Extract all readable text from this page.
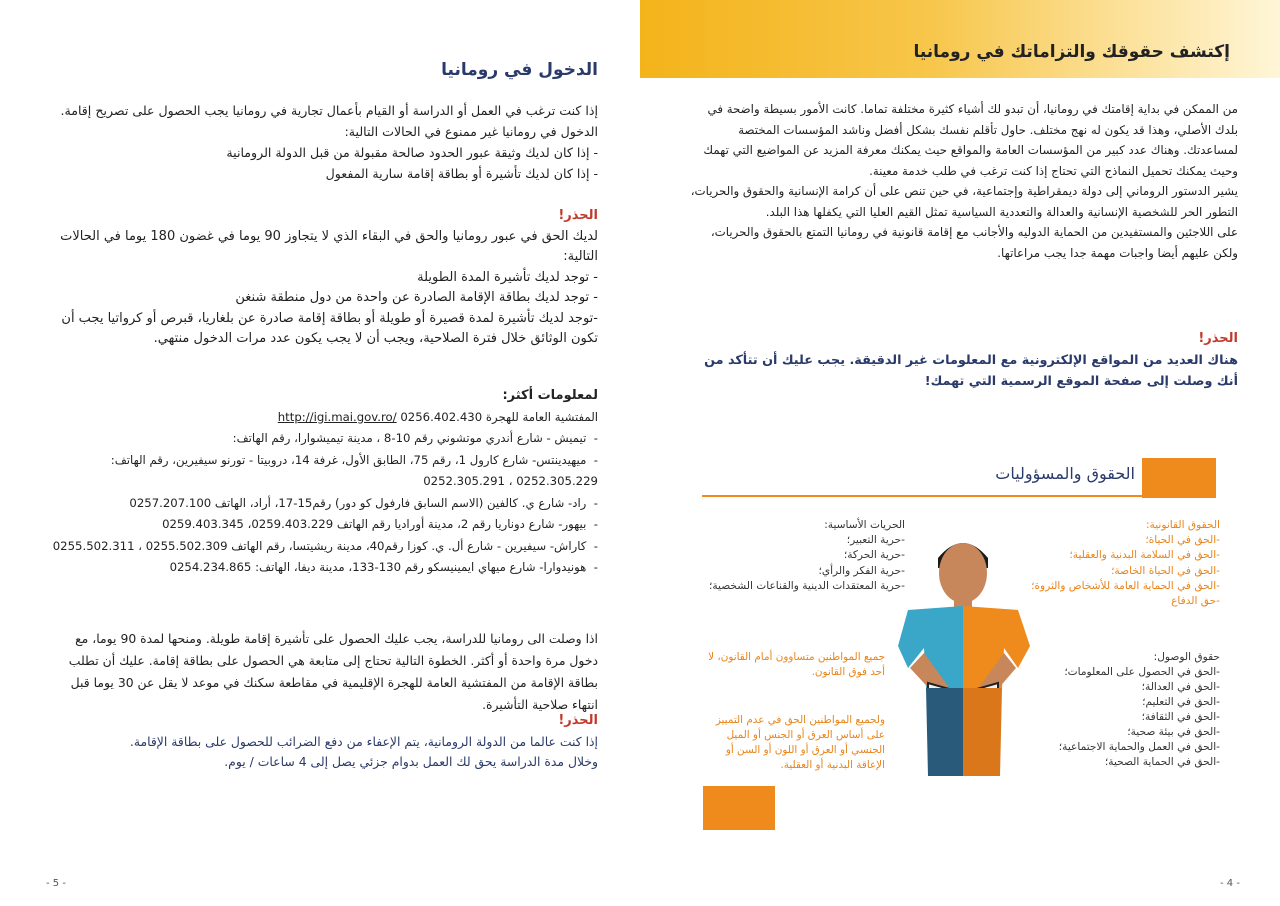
الدخول في رومانيا

إذا كنت ترغب في العمل أو الدراسة أو القيام بأعمال تجارية في رومانيا يجب الحصول على تصريح إقامة. الدخول في رومانيا غير ممنوع في الحالات التالية:

- إذا كان لديك وثيقة عبور الحدود صالحة مقبولة من قبل الدولة الرومانية

- إذا كان لديك تأشيرة أو بطاقة إقامة سارية المفعول

الحذر!

لديك الحق في عبور رومانيا والحق في البقاء الذي لا يتجاوز 90 يوما في غضون 180 يوما في الحالات التالية:

- توجد لديك تأشيرة المدة الطويلة

- توجد لديك بطاقة الإقامة الصادرة عن واحدة من دول منطقة شنغن

-توجد لديك تأشيرة لمدة قصيرة أو طويلة أو بطاقة إقامة صادرة عن بلغاريا، قبرص أو كرواتيا يجب أن تكون الوثائق خلال فترة الصلاحية، ويجب أن لا يجب يكون عدد مرات الدخول منتهي.

لمعلومات أكثر:
المفتشية العامة للهجرة http://igi.mai.gov.ro/ 0256.402.430
-  تيميش - شارع أندري موتشوني رقم 10-8 ، مدينة تيميشوارا، رقم الهاتف:
-  ميهيدينتس- شارع كارول 1، رقم 75، الطابق الأول، غرفة 14، دروبيتا - تورنو سيفيرين، رقم الهاتف: 0252.305.229 ، 0252.305.291
-  راد- شارع ي. كالفين (الاسم السابق فارفول كو دور) رقم15-17، أراد، الهاتف 0257.207.100
-  بيهور- شارع دوناريا رقم 2، مدينة أوراديا رقم الهاتف 0259.403.229، 0259.403.345
-  كاراش- سيفيرين - شارع أل. ي. كوزا رقم40، مدينة ريشيتسا، رقم الهاتف 0255.502.309 ، 0255.502.311
-  هونيدوارا- شارع ميهاي ايمينيسكو رقم 130-133، مدينة ديفا، الهاتف: 0254.234.865
اذا وصلت الى رومانيا للدراسة، يجب عليك الحصول على تأشيرة إقامة طويلة. ومنحها لمدة 90 يوما، مع دخول مرة واحدة أو أكثر. الخطوة التالية تحتاج إلى متابعة هي الحصول على بطاقة إقامة. عليك أن تطلب بطاقة الإقامة من المفتشية العامة للهجرة الإقليمية في مقاطعة سكنك في موعد لا يقل عن 30 يوما قبل انتهاء صلاحية التأشيرة.

الحذر!

إذا كنت عالما من الدولة الرومانية، يتم الإعفاء من دفع الضرائب للحصول على بطاقة الإقامة.

وخلال مدة الدراسة يحق لك العمل بدوام جزئي يصل إلى 4 ساعات / يوم.

- 5 -
إكتشف حقوقك والتزاماتك في رومانيا

من الممكن في بداية إقامتك في رومانيا، أن تبدو لك أشياء كثيرة مختلفة تماما. كانت الأمور بسيطة واضحة في بلدك الأصلي، وهذا قد يكون له نهج مختلف. حاول تأقلم نفسك بشكل أفضل وناشد المؤسسات المختصة لمساعدتك. وهناك عدد كبير من المؤسسات العامة والمواقع حيث يمكنك معرفة المزيد عن المواضيع التي تهمك وحيث يمكنك تحميل النماذج التي تحتاج إذا كنت ترغب في طلب خدمة معينة.

يشير الدستور الروماني إلى دولة ديمقراطية وإجتماعية، في حين تنص على أن كرامة الإنسانية والحقوق والحريات، التطور الحر للشخصية الإنسانية والعدالة والتعددية السياسية تمثل القيم العليا التي يكفلها هذا البلد.

على اللاجئين والمستفيدين من الحماية الدوليه والأجانب مع إقامة قانونية في رومانيا التمتع بالحقوق والحريات، ولكن عليهم أيضا واجبات مهمة جدا يجب مراعاتها.

الحذر!
هناك العديد من المواقع الإلكترونية مع المعلومات غير الدقيقة. يجب عليك أن تتأكد من أنك وصلت إلى صفحة الموقع الرسمية التي تهمك!
الحقوق والمسؤوليات
الحقوق القانونية:
-الحق في الحياة؛
-الحق في السلامة البدنية والعقلية؛
-الحق في الحياة الخاصة؛
-الحق في الحماية العامة للأشخاص والثروة؛
-حق الدفاع
الحريات الأساسية:
-حرية التعبير؛
-حرية الحركة؛
-حرية الفكر والرأي؛
-حرية المعتقدات الدينية والقناعات الشخصية؛
حقوق الوصول:
-الحق في الحصول على المعلومات؛
-الحق في العدالة؛
-الحق في التعليم؛
-الحق في الثقافة؛
-الحق في بيئة صحية؛
-الحق في العمل والحماية الاجتماعية؛
-الحق في الحماية الصحية؛
جميع المواطنين متساوون أمام القانون، لا أحد فوق القانون.
ولجميع المواطنين الحق في عدم التمييز على أساس العرق أو الجنس أو الميل الجنسي أو العرق أو اللون أو السن أو الإعاقة البدنية أو العقلية.
- 4 -
